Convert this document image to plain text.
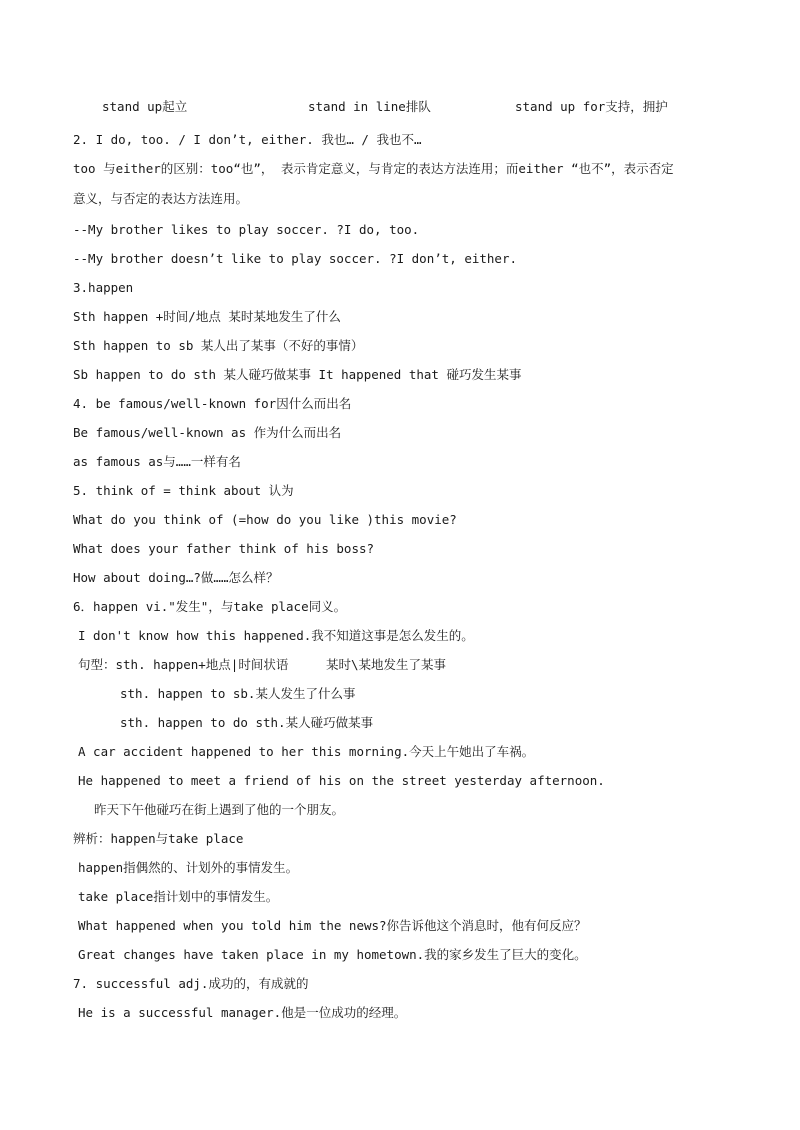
stand up起立	stand in line排队	stand up for支持，拥护
2. I do, too. / I don’t, either. 我也… / 我也不…
too 与either的区别：too“也”， 表示肯定意义，与肯定的表达方法连用；而either “也不”，表示否定
意义，与否定的表达方法连用。
--My brother likes to play soccer. ?I do, too.
--My brother doesn’t like to play soccer. ?I don’t, either.
3.happen
Sth happen +时间/地点 某时某地发生了什么
Sth happen to sb 某人出了某事（不好的事情）
Sb happen to do sth 某人碰巧做某事 It happened that 碰巧发生某事
4. be famous/well-known for因什么而出名
Be famous/well-known as 作为什么而出名
as famous as与……一样有名
5. think of = think about 认为
What do you think of (=how do you like )this movie?
What does your father think of his boss?
How about doing…?做……怎么样？
6．happen vi."发生"，与take place同义。
I don't know how this happened.我不知道这事是怎么发生的。
句型：sth. happen+地点|时间状语     某时\某地发生了某事
sth. happen to sb.某人发生了什么事
sth. happen to do sth.某人碰巧做某事
A car accident happened to her this morning.今天上午她出了车祸。
He happened to meet a friend of his on the street yesterday afternoon.
昨天下午他碰巧在街上遇到了他的一个朋友。
辨析：happen与take place
happen指偶然的、计划外的事情发生。
take place指计划中的事情发生。
What happened when you told him the news?你告诉他这个消息时，他有何反应？
Great changes have taken place in my hometown.我的家乡发生了巨大的变化。
7. successful adj.成功的，有成就的
He is a successful manager.他是一位成功的经理。
